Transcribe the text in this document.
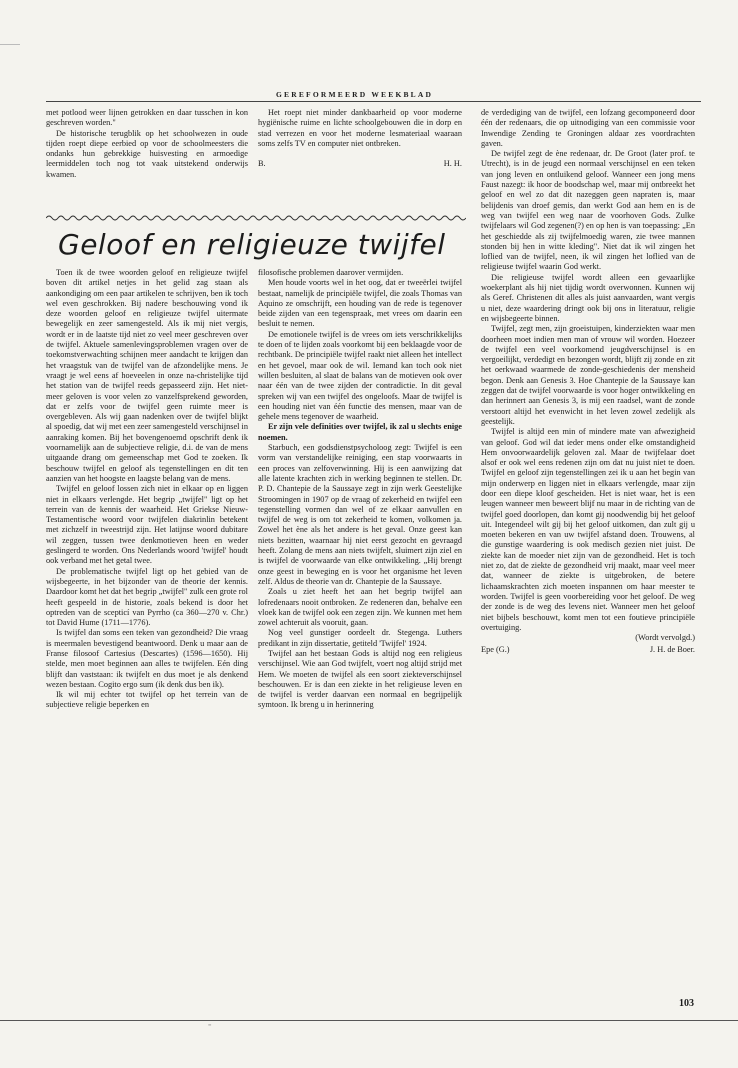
GEREFORMEERD WEEKBLAD

met potlood weer lijnen getrokken en daar tusschen in kon geschreven worden."

De historische terugblik op het schoolwezen in oude tijden roept diepe eerbied op voor de schoolmeesters die ondanks hun gebrekkige huisvesting en armoedige leermiddelen toch nog tot vaak uitstekend onderwijs kwamen.

Het roept niet minder dankbaarheid op voor moderne hygiënische ruime en lichte schoolgebouwen die in dorp en stad verrezen en voor het moderne lesmateriaal waaraan soms zelfs TV en computer niet ontbreken.

B.	H. H.
Geloof en religieuze twijfel

Toen ik de twee woorden geloof en religieuze twijfel boven dit artikel netjes in het gelid zag staan als aankondiging om een paar artikelen te schrijven, ben ik toch wel even geschrokken. Bij nadere beschouwing vond ik deze woorden geloof en religieuze twijfel uitermate bewegelijk en zeer samengesteld. Als ik mij niet vergis, wordt er in de laatste tijd niet zo veel meer geschreven over de twijfel. Aktuele samenlevingsproblemen vragen over de toekomstverwachting schijnen meer aandacht te krijgen dan het vraagstuk van de twijfel van de afzondelijke mens. Je vraagt je wel eens af hoeveelen in onze na-christelijke tijd het station van de twijfel reeds gepasseerd zijn. Het niet-meer geloven is voor velen zo vanzelfsprekend geworden, dat er zelfs voor de twijfel geen ruimte meer is overgebleven. Als wij gaan nadenken over de twijfel blijkt al spoedig, dat wij met een zeer samengesteld verschijnsel in aanraking komen. Bij het bovengenoemd opschrift denk ik voornamelijk aan de subjectieve religie, d.i. de van de mens uitgaande drang om gemeenschap met God te zoeken. Ik beschouw twijfel en geloof als tegenstellingen en dit ten aanzien van het hoogste en laagste belang van de mens.

Twijfel en geloof lossen zich niet in elkaar op en liggen niet in elkaars verlengde. Het begrip „twijfel" ligt op het terrein van de kennis der waarheid. Het Griekse Nieuw-Testamentische woord voor twijfelen diakrinlin betekent met zichzelf in tweestrijd zijn. Het latijnse woord dubitare wil zeggen, tussen twee denkmotieven heen en weder geslingerd te worden. Ons Nederlands woord 'twijfel' houdt ook verband met het getal twee.

De problematische twijfel ligt op het gebied van de wijsbegeerte, in het bijzonder van de theorie der kennis. Daardoor komt het dat het begrip „twijfel" zulk een grote rol heeft gespeeld in de historie, zoals bekend is door het optreden van de scepticí van Pyrrho (ca 360—270 v. Chr.) tot David Hume (1711—1776).

Is twijfel dan soms een teken van gezondheid? Die vraag is meermalen bevestigend beantwoord. Denk u maar aan de Franse filosoof Cartesius (Descartes) (1596—1650). Hij stelde, men moet beginnen aan alles te twijfelen. Eén ding blijft dan vaststaan: ik twijfelt en dus moet je als denkend wezen bestaan. Cogito ergo sum (ik denk dus ben ik).

Ik wil mij echter tot twijfel op het terrein van de subjectieve religie beperken en

filosofische problemen daarover vermijden.

Men houde voorts wel in het oog, dat er tweeërlei twijfel bestaat, namelijk de principiële twijfel, die zoals Thomas van Aquino ze omschrijft, een houding van de rede is tegenover beide zijden van een tegenspraak, met vrees om daarin een besluit te nemen.

De emotionele twijfel is de vrees om iets verschrikkelijks te doen of te lijden zoals voorkomt bij een beklaagde voor de rechtbank. De principiële twijfel raakt niet alleen het intellect en het gevoel, maar ook de wil. Iemand kan toch ook niet willen besluiten, al slaat de balans van de motieven ook over naar één van de twee zijden der contradictie. In dit geval spreken wij van een twijfel des ongeloofs. Maar de twijfel is een houding niet van één functie des mensen, maar van de gehele mens tegenover de waarheid.

Er zijn vele definities over twijfel, ik zal u slechts enige noemen.

Starbuch, een godsdienstpsycholoog zegt: Twijfel is een vorm van verstandelijke reiniging, een stap voorwaarts in een proces van zelfoverwinning. Hij is een aanwijzing dat alle latente krachten zich in werking beginnen te stellen. Dr. P. D. Chantepie de la Saussaye zegt in zijn werk Geestelijke Stroomingen in 1907 op de vraag of zekerheid en twijfel een tegenstelling vormen dan wel of ze elkaar aanvullen en twijfel de weg is om tot zekerheid te komen, volkomen ja. Zowel het ène als het andere is het geval. Onze geest kan niets bezitten, waarnaar hij niet eerst gezocht en gevraagd heeft. Zolang de mens aan niets twijfelt, sluimert zijn ziel en is twijfel de voorwaarde van elke ontwikkeling. „Hij brengt onze geest in beweging en is voor het organisme het leven zelf. Aldus de theorie van dr. Chantepie de la Saussaye.

Zoals u ziet heeft het aan het begrip twijfel aan lofredenaars nooit ontbroken. Ze redeneren dan, behalve een vloek kan de twijfel ook een zegen zijn. We kunnen met hem zowel achteruit als vooruit, gaan.

Nog veel gunstiger oordeelt dr. Stegenga. Luthers predikant in zijn dissertatie, getiteld 'Twijfel' 1924.

Twijfel aan het bestaan Gods is altijd nog een religieus verschijnsel. Wie aan God twijfelt, voert nog altijd strijd met Hem. We moeten de twijfel als een soort ziekteverschijnsel beschouwen. Er is dan een ziekte in het religieuse leven en de twijfel is verder daarvan een normaal en begrijpelijk symtoon. Ik breng u in herinnering

de verdediging van de twijfel, een lofzang gecomponeerd door één der redenaars, die op uitnodiging van een commissie voor Inwendige Zending te Groningen aldaar zes voordrachten gaven.

De twijfel zegt de ène redenaar, dr. De Groot (later prof. te Utrecht), is in de jeugd een normaal verschijnsel en een teken van jong leven en ontluikend geloof. Wanneer een jong mens Faust nazegt: ik hoor de boodschap wel, maar mij ontbreekt het geloof en wel zo dat dit nazeggen geen napraten is, maar belijdenis van droef gemis, dan werkt God aan hem en is de weg van twijfel een weg naar de voorhoven Gods. Zulke twijfelaars wil God zegenen(?) en op hen is van toepassing: „En het geschiedde als zij twijfelmoedig waren, zie twee mannen stonden bij hen in witte kleding". Niet dat ik wil zingen het loflied van de twijfel, neen, ik wil zingen het loflied van de religieuse twijfel waarin God werkt.

Die religieuse twijfel wordt alleen een gevaarlijke woekerplant als hij niet tijdig wordt overwonnen. Kunnen wij als Geref. Christenen dit alles als juist aanvaarden, want vergis u niet, deze waardering dringt ook bij ons in literatuur, religie en wijsbegeerte binnen.

Twijfel, zegt men, zijn groeistuipen, kinderziekten waar men doorheen moet indien men man of vrouw wil worden. Hoezeer de twijfel een veel voorkomend jeugdverschijnsel is en vergoeilijkt, verdedigt en bezongen wordt, blijft zij zonde en zit het oerkwaad waarmede de zonde-geschiedenis der mensheid begon. Denk aan Genesis 3. Hoe Chantepie de la Saussaye kan zeggen dat de twijfel voorwaarde is voor hoger ontwikkeling en dan herinnert aan Genesis 3, is mij een raadsel, want de zonde verstoort altijd het evenwicht in het leven zowel zedelijk als geestelijk.

Twijfel is altijd een min of mindere mate van afwezigheid van geloof. God wil dat ieder mens onder elke omstandigheid Hem onvoorwaardelijk geloven zal. Maar de twijfelaar doet alsof er ook wel eens redenen zijn om dat nu juist niet te doen. Twijfel en geloof zijn tegenstellingen zei ik u aan het begin van mijn onderwerp en liggen niet in elkaars verlengde, maar zijn door een diepe kloof gescheiden. Het is niet waar, het is een leugen wanneer men beweert blijf nu maar in de richting van de twijfel goed doorlopen, dan komt gij noodwendig bij het geloof uit. Integendeel wilt gij bij het geloof uitkomen, dan zult gij u moeten bekeren en van uw twijfel afstand doen. Trouwens, al die gunstige waardering is ook medisch gezien niet juist. De ziekte kan de moeder niet zijn van de gezondheid. Het is toch niet zo, dat de ziekte de gezondheid vrij maakt, maar veel meer dat, wanneer de ziekte is uitgebroken, de betere lichaamskrachten zich moeten inspannen om haar meester te worden. Twijfel is geen voorbereiding voor het geloof. De weg der zonde is de weg des levens niet. Wanneer men het geloof niet bijbels beschouwt, komt men tot een foutieve principiële overtuiging.

(Wordt vervolgd.)
Epe (G.)	J. H. de Boer.
103
=
